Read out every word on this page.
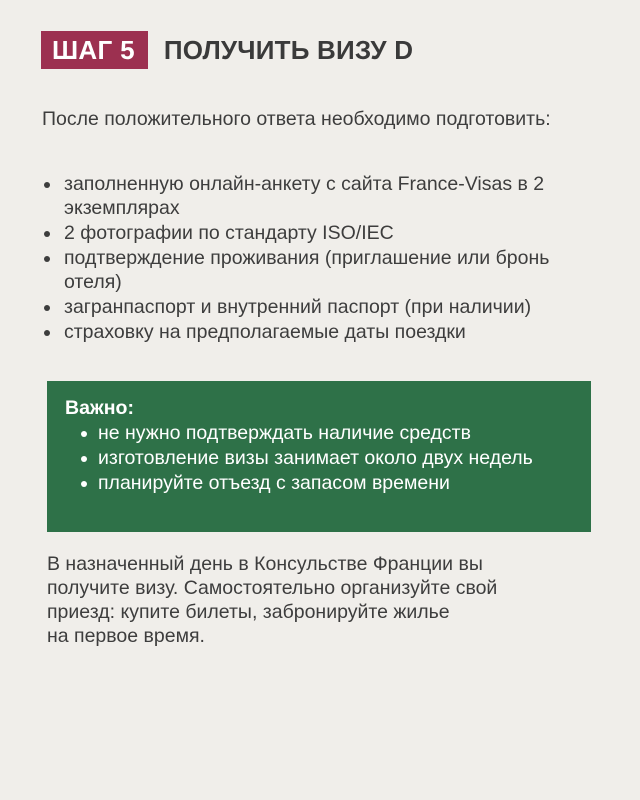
ШАГ 5	ПОЛУЧИТЬ ВИЗУ D

После положительного ответа необходимо подготовить:

заполненную онлайн-анкету с сайта France-Visas в 2 экземплярах
2 фотографии по стандарту ISO/IEC
подтверждение проживания (приглашение или бронь отеля)
загранпаспорт и внутренний паспорт (при наличии)
страховку на предполагаемые даты поездки
Важно:
не нужно подтверждать наличие средств
изготовление визы занимает около двух недель
планируйте отъезд с запасом времени

В назначенный день в Консульстве Франции вы
получите визу. Самостоятельно организуйте свой
приезд: купите билеты, забронируйте жилье
на первое время.
